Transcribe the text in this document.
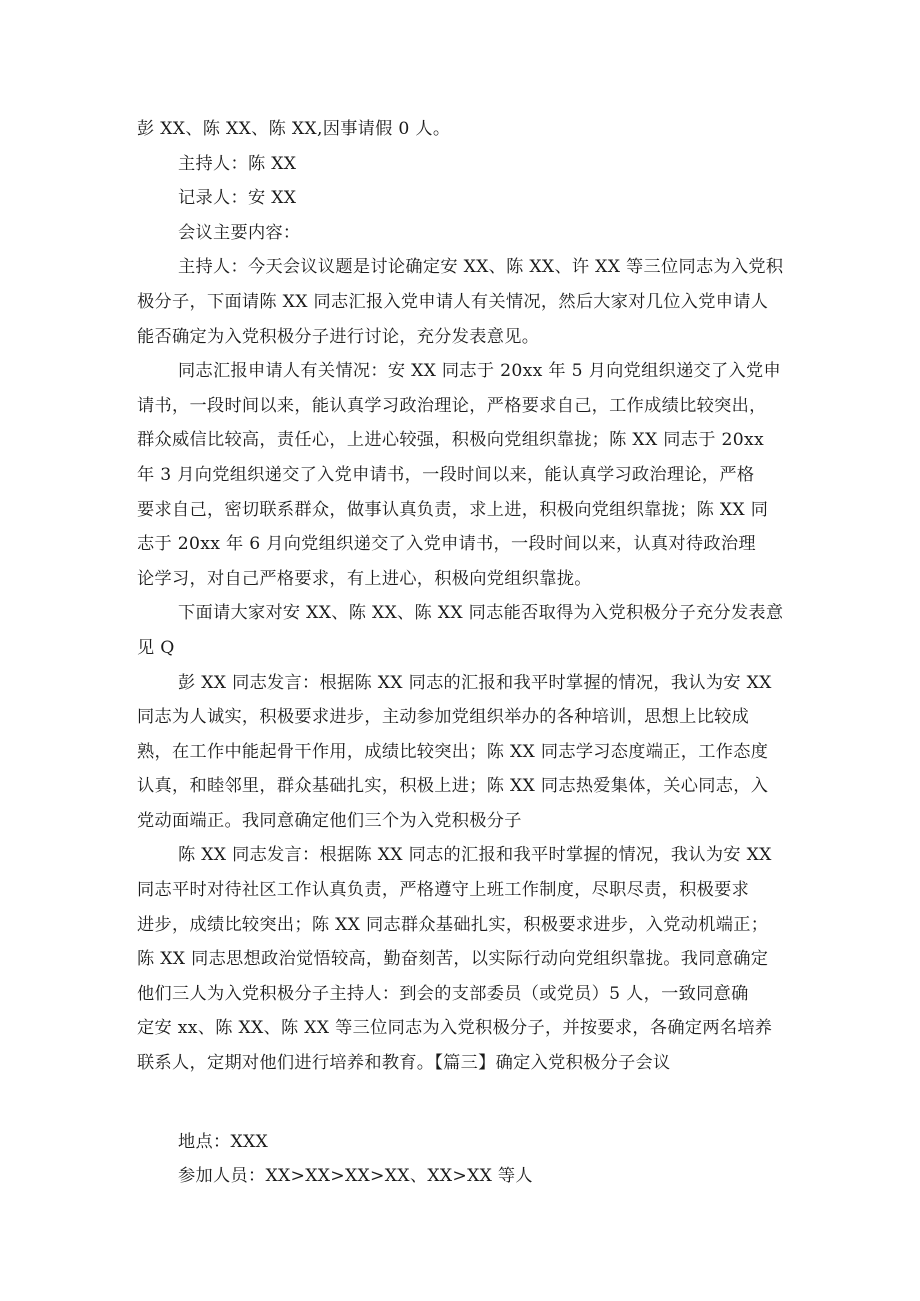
彭 XX、陈 XX、陈 XX,因事请假 0 人。
主持人：陈 XX
记录人：安 XX
会议主要内容：
主持人：今天会议议题是讨论确定安 XX、陈 XX、许 XX 等三位同志为入党积
极分子，下面请陈 XX 同志汇报入党申请人有关情况，然后大家对几位入党申请人
能否确定为入党积极分子进行讨论，充分发表意见。
同志汇报申请人有关情况：安 XX 同志于 20xx 年 5 月向党组织递交了入党申
请书，一段时间以来，能认真学习政治理论，严格要求自己，工作成绩比较突出，
群众威信比较高，责任心，上进心较强，积极向党组织靠拢；陈 XX 同志于 20xx
年 3 月向党组织递交了入党申请书，一段时间以来，能认真学习政治理论，严格
要求自己，密切联系群众，做事认真负责，求上进，积极向党组织靠拢；陈 XX 同
志于 20xx 年 6 月向党组织递交了入党申请书，一段时间以来，认真对待政治理
论学习，对自己严格要求，有上进心，积极向党组织靠拢。
下面请大家对安 XX、陈 XX、陈 XX 同志能否取得为入党积极分子充分发表意
见 Q
彭 XX 同志发言：根据陈 XX 同志的汇报和我平时掌握的情况，我认为安 XX
同志为人诚实，积极要求进步，主动参加党组织举办的各种培训，思想上比较成
熟，在工作中能起骨干作用，成绩比较突出；陈 XX 同志学习态度端正，工作态度
认真，和睦邻里，群众基础扎实，积极上进；陈 XX 同志热爱集体，关心同志，入
党动面端正。我同意确定他们三个为入党积极分子
陈 XX 同志发言：根据陈 XX 同志的汇报和我平时掌握的情况，我认为安 XX
同志平时对待社区工作认真负责，严格遵守上班工作制度，尽职尽责，积极要求
进步，成绩比较突出；陈 XX 同志群众基础扎实，积极要求进步，入党动机端正；
陈 XX 同志思想政治觉悟较高，勤奋刻苦，以实际行动向党组织靠拢。我同意确定
他们三人为入党积极分子主持人：到会的支部委员（或党员）5 人，一致同意确
定安 xx、陈 XX、陈 XX 等三位同志为入党积极分子，并按要求，各确定两名培养
联系人，定期对他们进行培养和教育。【篇三】确定入党积极分子会议
地点：XXX
参加人员：XX>XX>XX>XX、XX>XX 等人
